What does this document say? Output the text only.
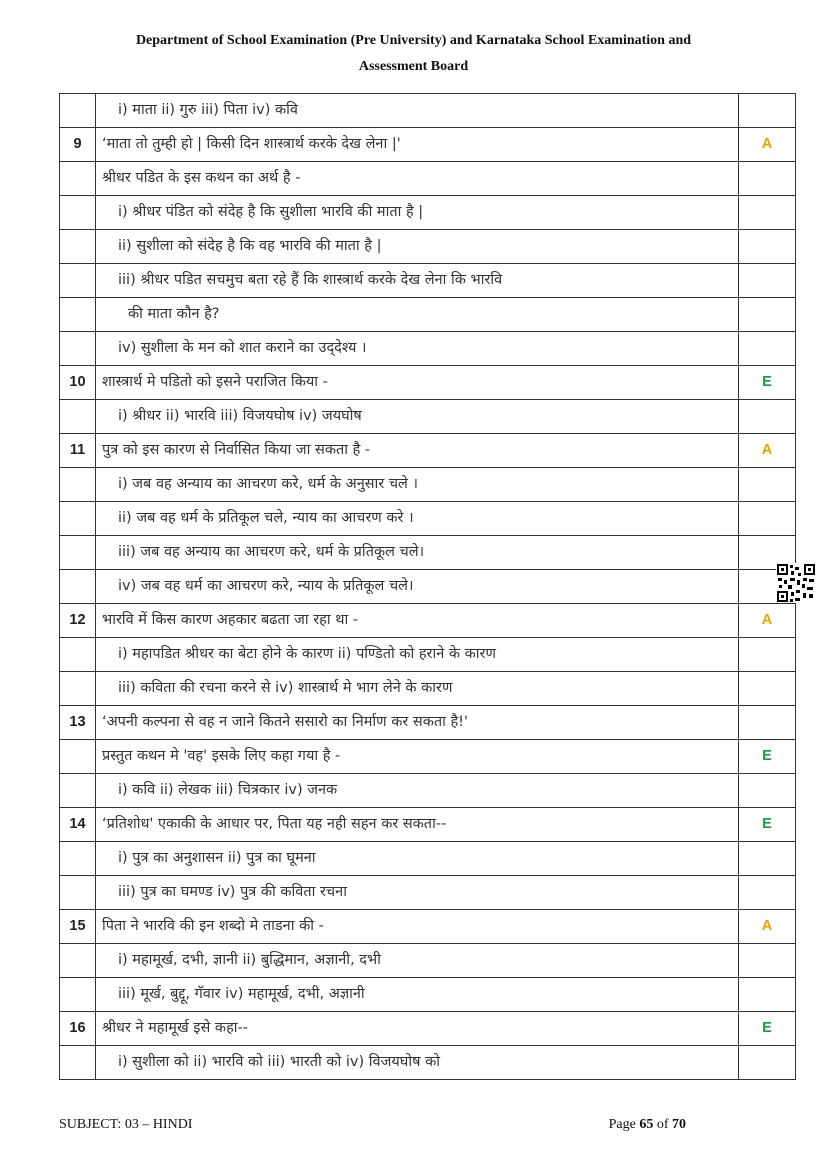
Department of School Examination (Pre University) and Karnataka School Examination and
Assessment Board
	i) माता ii) गुरु iii) पिता iv) कवि	
9	‘माता तो तुम्ही हो | किसी दिन शास्त्रार्थ करके देख लेना |'	A
	श्रीधर पडित के इस कथन का अर्थ है -	
	i) श्रीधर पंडित को संदेह है कि सुशीला भारवि की माता है |	
	ii) सुशीला को संदेह है कि वह भारवि की माता है |	
	iii) श्रीधर पडित सचमुच बता रहे हैं कि शास्त्रार्थ करके देख लेना कि भारवि	
	की माता कौन है?	
	iv) सुशीला के मन को शात कराने का उद्‌देश्य ।	
10	शास्त्रार्थ मे पडितो को इसने पराजित किया -	E
	i) श्रीधर ii) भारवि iii) विजयघोष iv) जयघोष	
11	पुत्र को इस कारण से निर्वासित किया जा सकता है -	A
	i) जब वह अन्याय का आचरण करे, धर्म के अनुसार चले ।	
	ii) जब वह धर्म के प्रतिकूल चले, न्याय का आचरण करे ।	
	iii) जब वह अन्याय का आचरण करे, धर्म के प्रतिकूल चले।	
	iv) जब वह धर्म का आचरण करे, न्याय के प्रतिकूल चले।	
12	भारवि में किस कारण अहकार बढता जा रहा था -	A
	i) महापडित श्रीधर का बेटा होने के कारण ii) पण्डितो को हराने के कारण	
	iii) कविता की रचना करने से iv) शास्त्रार्थ मे भाग लेने के कारण	
13	‘अपनी कल्पना से वह न जाने कितने ससारो का निर्माण कर सकता है!'	
	प्रस्तुत कथन मे 'वह' इसके लिए कहा गया है -	E
	i) कवि ii) लेखक iii) चित्रकार iv) जनक	
14	‘प्रतिशोध' एकाकी के आधार पर, पिता यह नही सहन कर सकता--	E
	i) पुत्र का अनुशासन ii) पुत्र का घूमना	
	iii) पुत्र का घमण्ड iv) पुत्र की कविता रचना	
15	पिता ने भारवि की इन शब्दो मे ताडना की -	A
	i) महामूर्ख, दभी, ज्ञानी ii) बुद्धिमान, अज्ञानी, दभी	
	iii) मूर्ख, बुद्दू, गॅवार iv) महामूर्ख, दभी, अज्ञानी	
16	श्रीधर ने महामूर्ख इसे कहा--	E
	i) सुशीला को ii) भारवि को iii) भारती को iv) विजयघोष को	
SUBJECT: 03 – HINDI	Page 65 of 70
